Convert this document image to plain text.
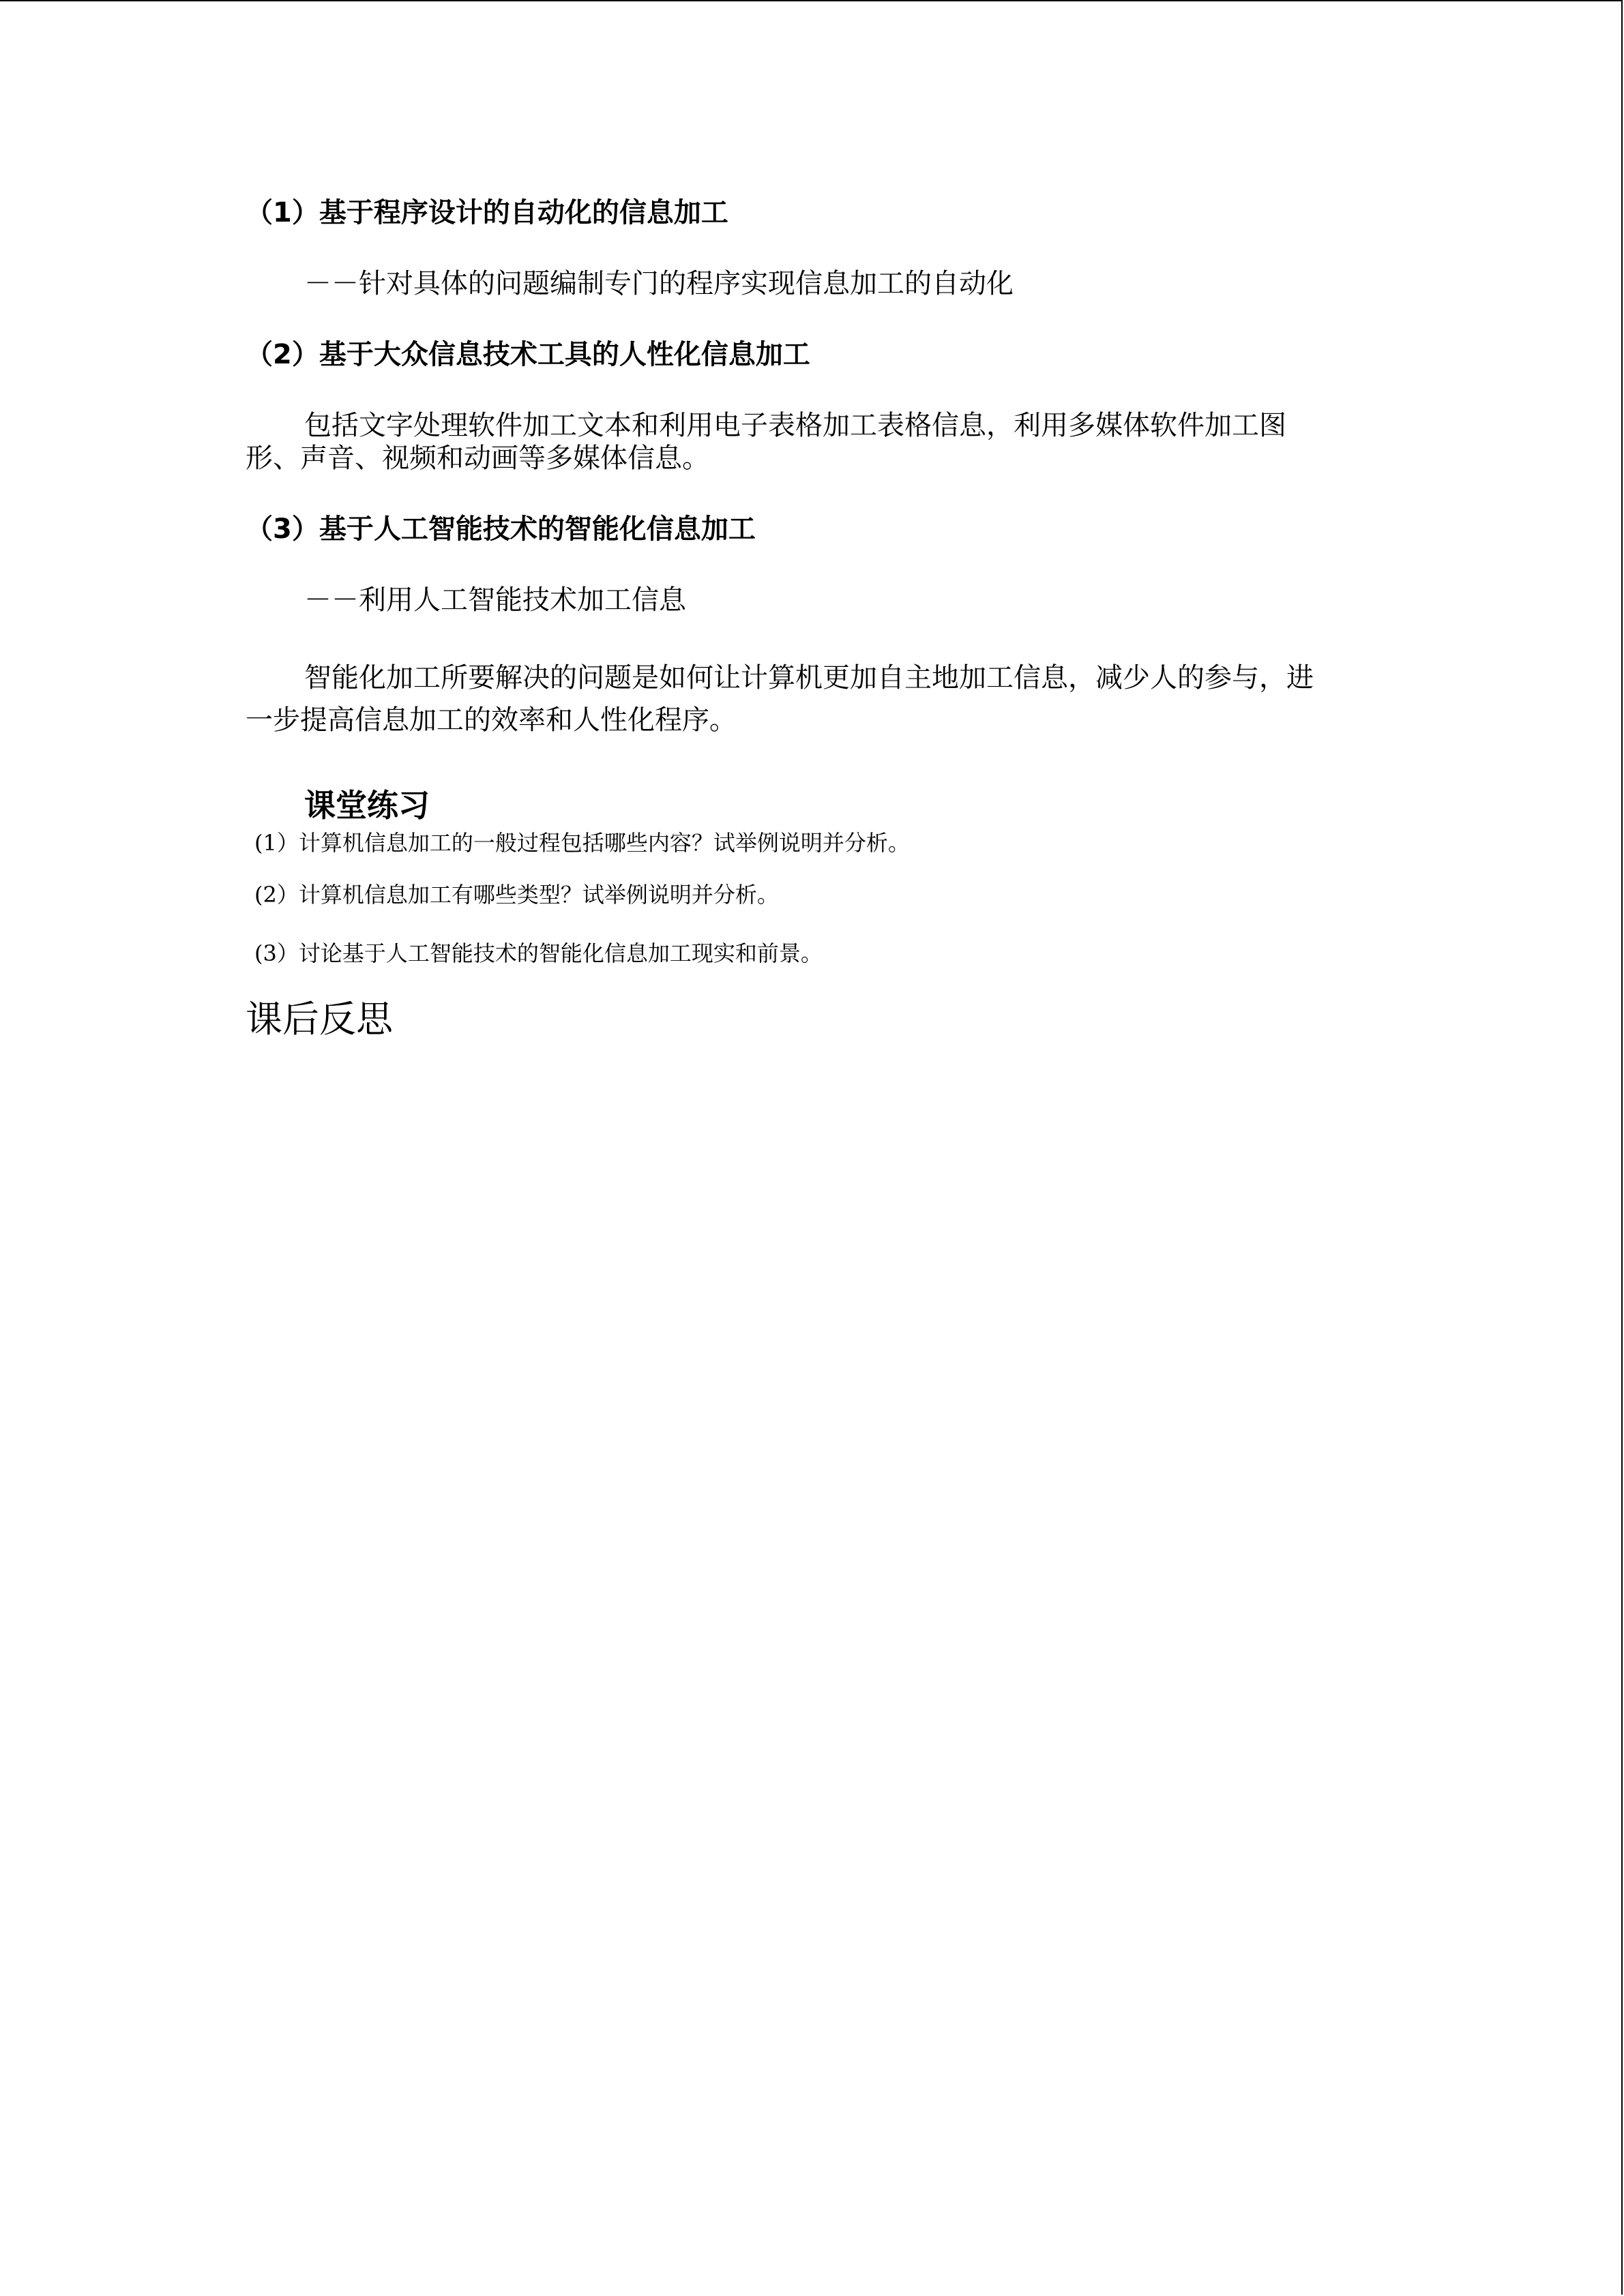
（1）基于程序设计的自动化的信息加工
－－针对具体的问题编制专门的程序实现信息加工的自动化
（2）基于大众信息技术工具的人性化信息加工
包括文字处理软件加工文本和利用电子表格加工表格信息，利用多媒体软件加工图
形、声音、视频和动画等多媒体信息。
（3）基于人工智能技术的智能化信息加工
－－利用人工智能技术加工信息
智能化加工所要解决的问题是如何让计算机更加自主地加工信息，减少人的参与，进
一步提高信息加工的效率和人性化程序。
课堂练习
(1）计算机信息加工的一般过程包括哪些内容？试举例说明并分析。
(2）计算机信息加工有哪些类型？试举例说明并分析。
(3）讨论基于人工智能技术的智能化信息加工现实和前景。
课后反思
